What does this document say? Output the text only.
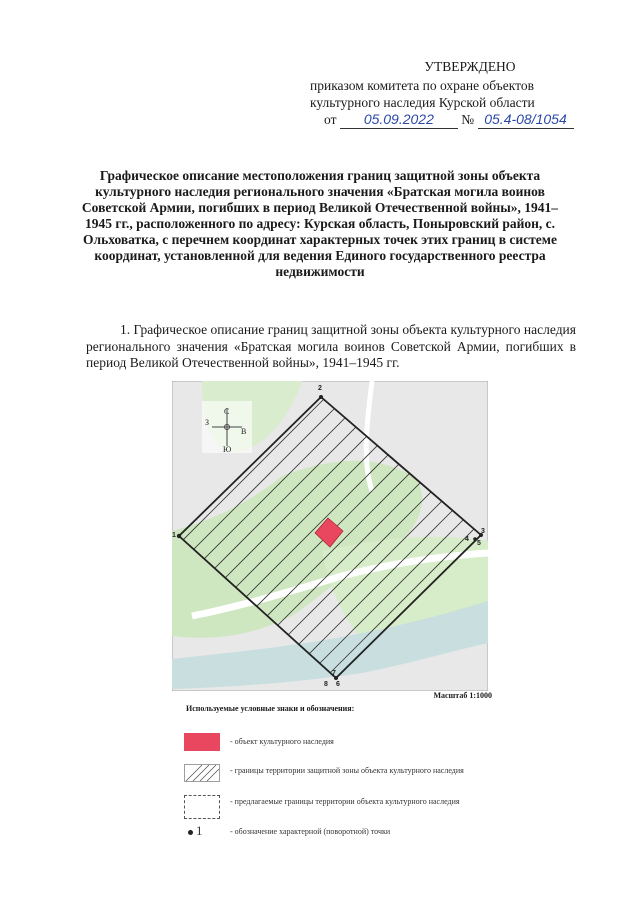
УТВЕРЖДЕНО
приказом комитета по охране объектов
культурного наследия Курской области
от 05.09.2022 № 05.4-08/1054
Графическое описание местоположения границ защитной зоны объекта культурного наследия регионального значения «Братская могила воинов Советской Армии, погибших в период Великой Отечественной войны», 1941–1945 гг., расположенного по адресу: Курская область, Поныровский район, с. Ольховатка, с перечнем координат характерных точек этих границ в системе координат, установленной для ведения Единого государственного реестра недвижимости
1. Графическое описание границ защитной зоны объекта культурного наследия регионального значения «Братская могила воинов Советской Армии, погибших в период Великой Отечественной войны», 1941–1945 гг.
С
Ю
З
В
1
2
3
4
5
6
7
8
Масштаб 1:1000
Используемые условные знаки и обозначения:
- объект культурного наследия
- границы территории защитной зоны объекта культурного наследия
- предлагаемые границы территории объекта культурного наследия
1	- обозначение характерной (поворотной) точки
